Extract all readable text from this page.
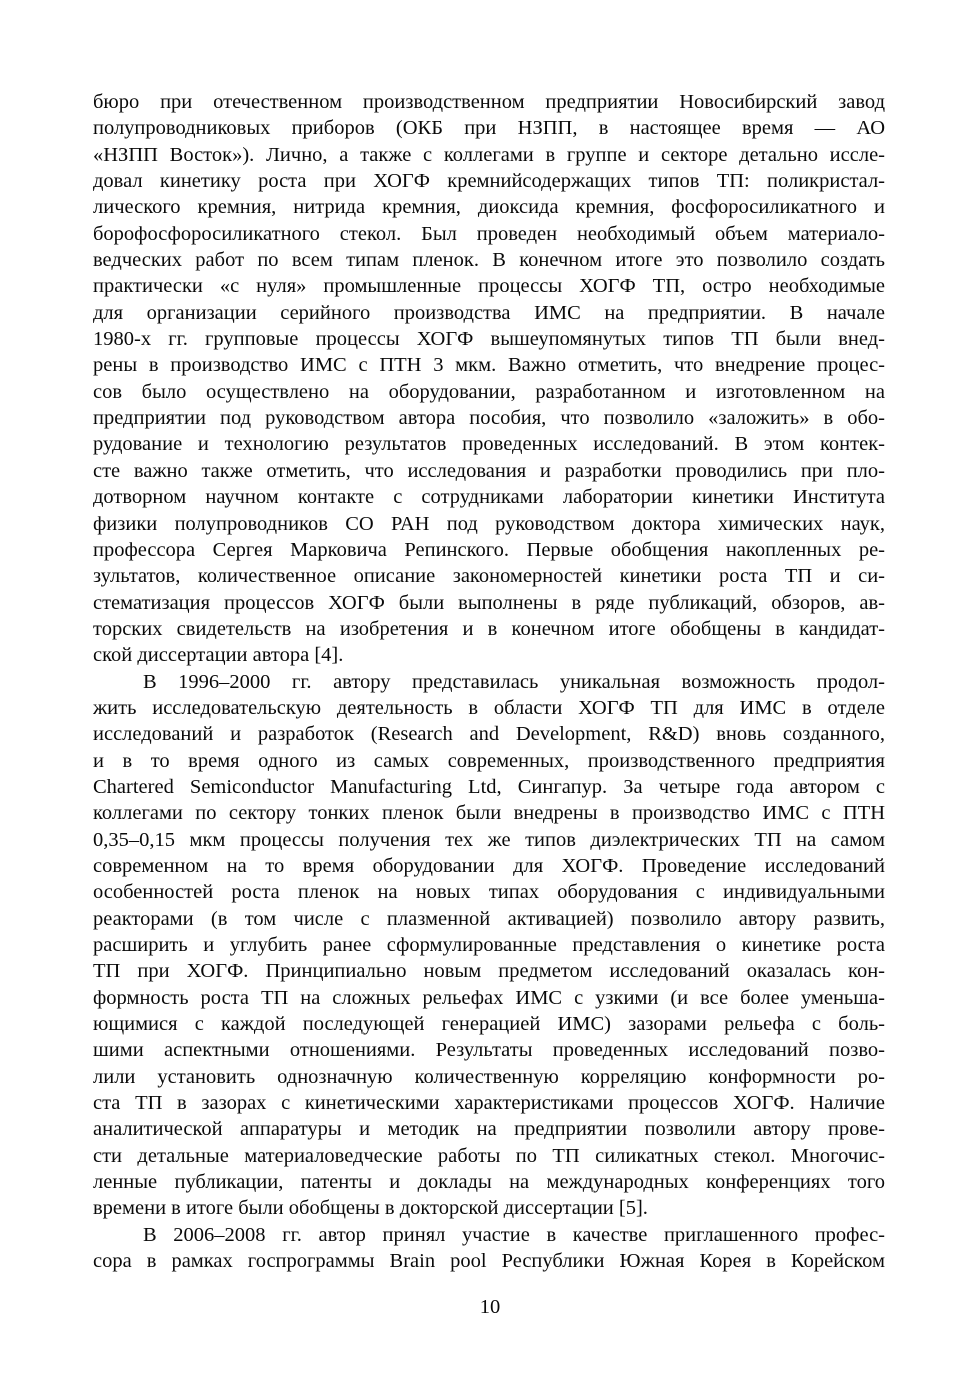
бюро при отечественном производственном предприятии Новосибирский завод
полупроводниковых приборов (ОКБ при НЗПП, в настоящее время — АО
«НЗПП Восток»). Лично, а также с коллегами в группе и секторе детально иссле-
довал кинетику роста при ХОГФ кремнийсодержащих типов ТП: поликристал-
лического кремния, нитрида кремния, диоксида кремния, фосфоросиликатного и
борофосфоросиликатного стекол. Был проведен необходимый объем материало-
ведческих работ по всем типам пленок. В конечном итоге это позволило создать
практически «с нуля» промышленные процессы ХОГФ ТП, остро необходимые
для организации серийного производства ИМС на предприятии. В начале
1980-х гг. групповые процессы ХОГФ вышеупомянутых типов ТП были внед-
рены в производство ИМС с ПТН 3 мкм. Важно отметить, что внедрение процес-
сов было осуществлено на оборудовании, разработанном и изготовленном на
предприятии под руководством автора пособия, что позволило «заложить» в обо-
рудование и технологию результатов проведенных исследований. В этом контек-
сте важно также отметить, что исследования и разработки проводились при пло-
дотворном научном контакте с сотрудниками лаборатории кинетики Института
физики полупроводников СО РАН под руководством доктора химических наук,
профессора Сергея Марковича Репинского. Первые обобщения накопленных ре-
зультатов, количественное описание закономерностей кинетики роста ТП и си-
стематизация процессов ХОГФ были выполнены в ряде публикаций, обзоров, ав-
торских свидетельств на изобретения и в конечном итоге обобщены в кандидат-
ской диссертации автора [4].
В 1996–2000 гг. автору представилась уникальная возможность продол-
жить исследовательскую деятельность в области ХОГФ ТП для ИМС в отделе
исследований и разработок (Research and Development, R&D) вновь созданного,
и в то время одного из самых современных, производственного предприятия
Chartered Semiconductor Manufacturing Ltd, Сингапур. За четыре года автором с
коллегами по сектору тонких пленок были внедрены в производство ИМС с ПТН
0,35–0,15 мкм процессы получения тех же типов диэлектрических ТП на самом
современном на то время оборудовании для ХОГФ. Проведение исследований
особенностей роста пленок на новых типах оборудования с индивидуальными
реакторами (в том числе с плазменной активацией) позволило автору развить,
расширить и углубить ранее сформулированные представления о кинетике роста
ТП при ХОГФ. Принципиально новым предметом исследований оказалась кон-
формность роста ТП на сложных рельефах ИМС с узкими (и все более уменьша-
ющимися с каждой последующей генерацией ИМС) зазорами рельефа с боль-
шими аспектными отношениями. Результаты проведенных исследований позво-
лили установить однозначную количественную корреляцию конформности ро-
ста ТП в зазорах с кинетическими характеристиками процессов ХОГФ. Наличие
аналитической аппаратуры и методик на предприятии позволили автору прове-
сти детальные материаловедческие работы по ТП силикатных стекол. Многочис-
ленные публикации, патенты и доклады на международных конференциях того
времени в итоге были обобщены в докторской диссертации [5].
В 2006–2008 гг. автор принял участие в качестве приглашенного профес-
сора в рамках госпрограммы Brain pool Республики Южная Корея в Корейском
10
